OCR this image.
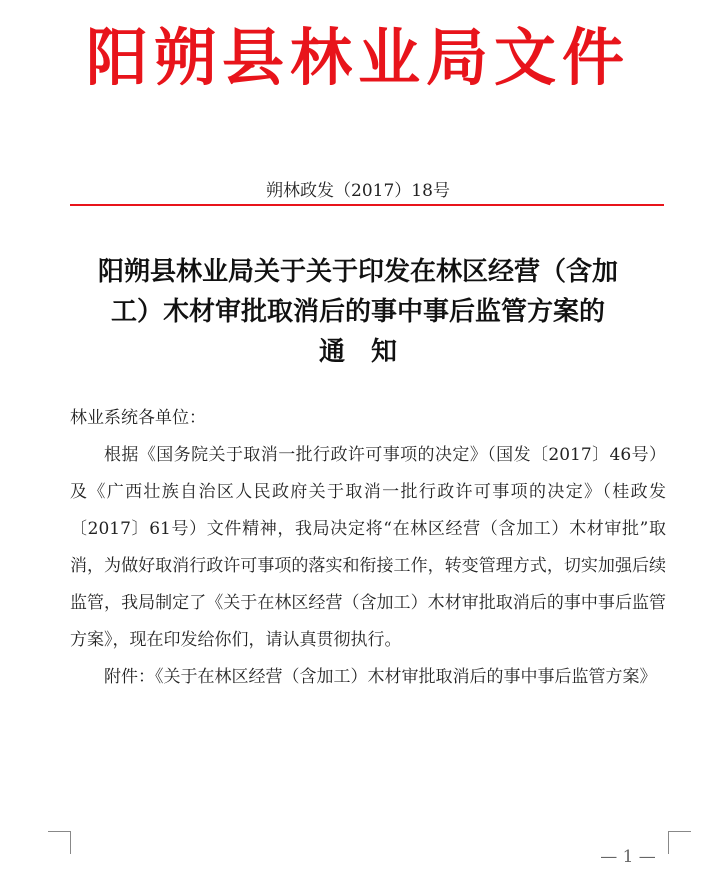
阳朔县林业局文件
朔林政发（2017）18号
阳朔县林业局关于关于印发在林区经营（含加
工）木材审批取消后的事中事后监管方案的
通知

林业系统各单位：

根据《国务院关于取消一批行政许可事项的决定》（国发〔2017〕46号）及《广西壮族自治区人民政府关于取消一批行政许可事项的决定》（桂政发〔2017〕61号）文件精神，我局决定将“在林区经营（含加工）木材审批”取消，为做好取消行政许可事项的落实和衔接工作，转变管理方式，切实加强后续监管，我局制定了《关于在林区经营（含加工）木材审批取消后的事中事后监管方案》，现在印发给你们，请认真贯彻执行。

附件：《关于在林区经营（含加工）木材审批取消后的事中事后监管方案》

— 1 —
